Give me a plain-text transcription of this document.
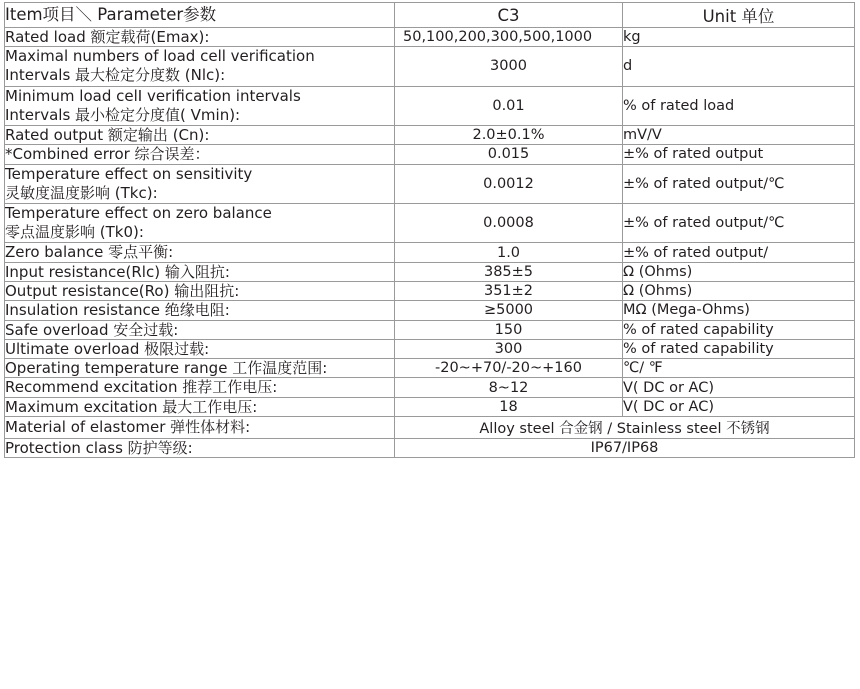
Item项目＼ Parameter参数	C3	Unit 单位

Rated load 额定载荷(Emax):	50,100,200,300,500,1000	kg

Maximal numbers of load cell verification
Intervals 最大检定分度数 (Nlc):	3000	d

Minimum load celI verification intervals
Intervals 最小检定分度值( Vmin):	0.01	% of rated load

Rated output 额定输出 (Cn):	2.0±0.1%	mV/V

*Combined error 综合误差：	0.015	±% of rated output

Temperature effect on sensitivity
灵敏度温度影响 (Tkc):	0.0012	±% of rated output/℃

Temperature effect on zero balance
零点温度影响 (Tk0):	0.0008	±% of rated output/℃

Zero balance 零点平衡:	1.0	±% of rated output/

Input resistance(Rlc) 输入阻抗:	385±5	Ω (Ohms)

Output resistance(Ro) 输出阻抗:	351±2	Ω (Ohms)

Insulation resistance 绝缘电阻:	≥5000	MΩ (Mega-Ohms)

Safe overload 安全过载:	150	% of rated capability

Ultimate overload 极限过载:	300	% of rated capability

Operating temperature range 工作温度范围:	-20~+70/-20~+160	℃/ ℉

Recommend excitation 推荐工作电压:	8~12	V( DC or AC)

Maximum excitation 最大工作电压:	18	V( DC or AC)

Material of elastomer 弹性体材料:	Alloy steel 合金钢 / Stainless steel 不锈钢	

Protection class 防护等级:	IP67/IP68	
